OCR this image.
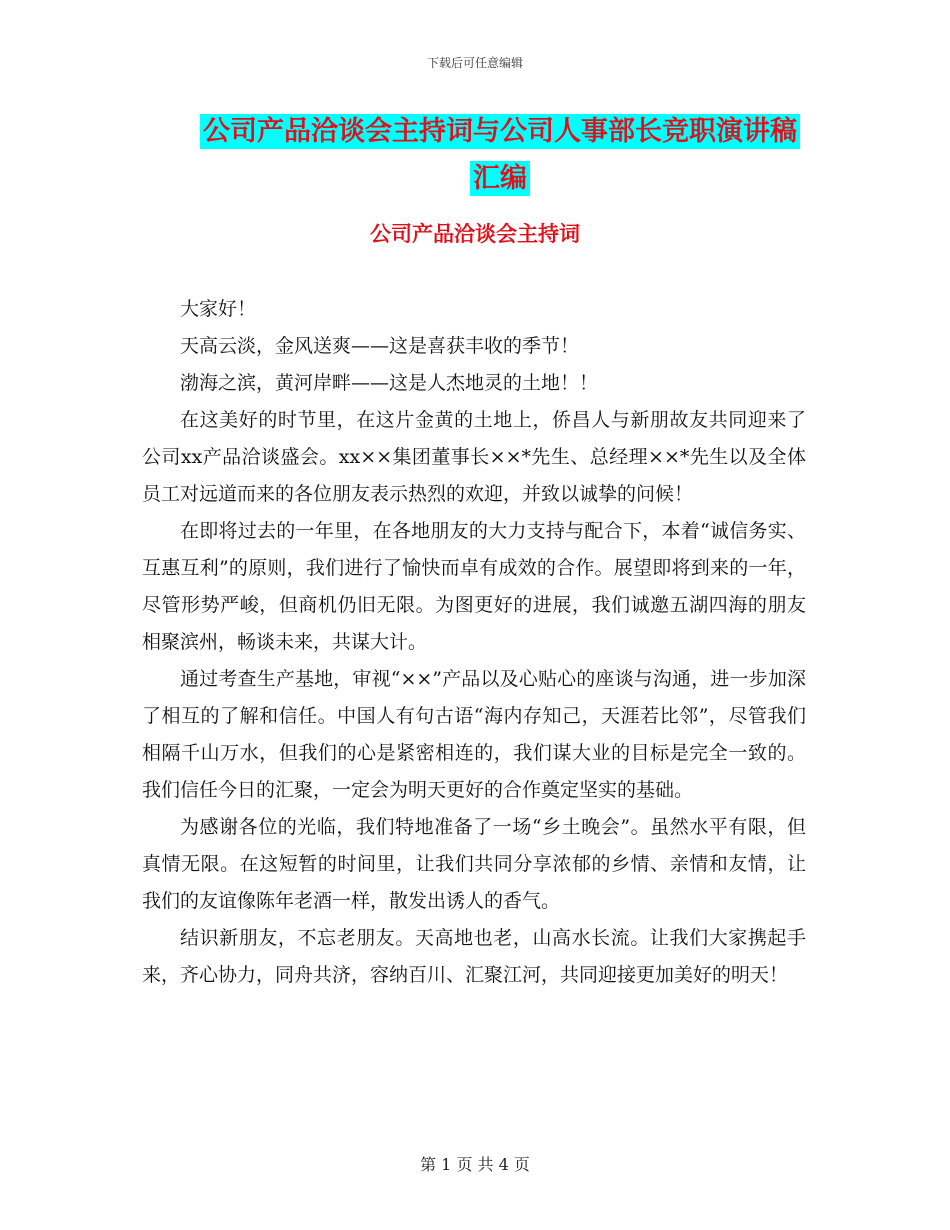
下载后可任意编辑
公司产品洽谈会主持词与公司人事部长竞职演讲稿汇编
公司产品洽谈会主持词

大家好！

天高云淡，金风送爽——这是喜获丰收的季节！

渤海之滨，黄河岸畔——这是人杰地灵的土地！！

在这美好的时节里，在这片金黄的土地上，侨昌人与新朋故友共同迎来了公司xx产品洽谈盛会。xx××集团董事长××*先生、总经理××*先生以及全体员工对远道而来的各位朋友表示热烈的欢迎，并致以诚挚的问候！

在即将过去的一年里，在各地朋友的大力支持与配合下，本着“诚信务实、互惠互利”的原则，我们进行了愉快而卓有成效的合作。展望即将到来的一年，尽管形势严峻，但商机仍旧无限。为图更好的进展，我们诚邀五湖四海的朋友相聚滨州，畅谈未来，共谋大计。

通过考查生产基地，审视“××”产品以及心贴心的座谈与沟通，进一步加深了相互的了解和信任。中国人有句古语“海内存知己，天涯若比邻”，尽管我们相隔千山万水，但我们的心是紧密相连的，我们谋大业的目标是完全一致的。我们信任今日的汇聚，一定会为明天更好的合作奠定坚实的基础。

为感谢各位的光临，我们特地准备了一场“乡土晚会”。虽然水平有限，但真情无限。在这短暂的时间里，让我们共同分享浓郁的乡情、亲情和友情，让我们的友谊像陈年老酒一样，散发出诱人的香气。

结识新朋友，不忘老朋友。天高地也老，山高水长流。让我们大家携起手来，齐心协力，同舟共济，容纳百川、汇聚江河，共同迎接更加美好的明天！

第 1 页 共 4 页
